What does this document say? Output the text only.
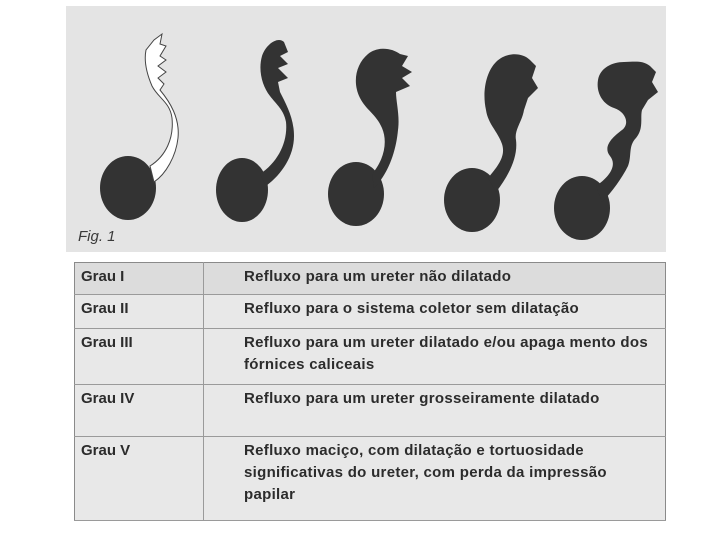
Fig. 1
Grau I	Refluxo para um ureter não dilatado
Grau II	Refluxo para o sistema coletor sem dilatação
Grau III	Refluxo para um ureter dilatado e/ou apaga mento dos fórnices caliceais
Grau IV	Refluxo para um ureter grosseiramente dilatado
Grau V	Refluxo maciço, com dilatação e tortuosidade significativas do ureter, com perda da impressão papilar
